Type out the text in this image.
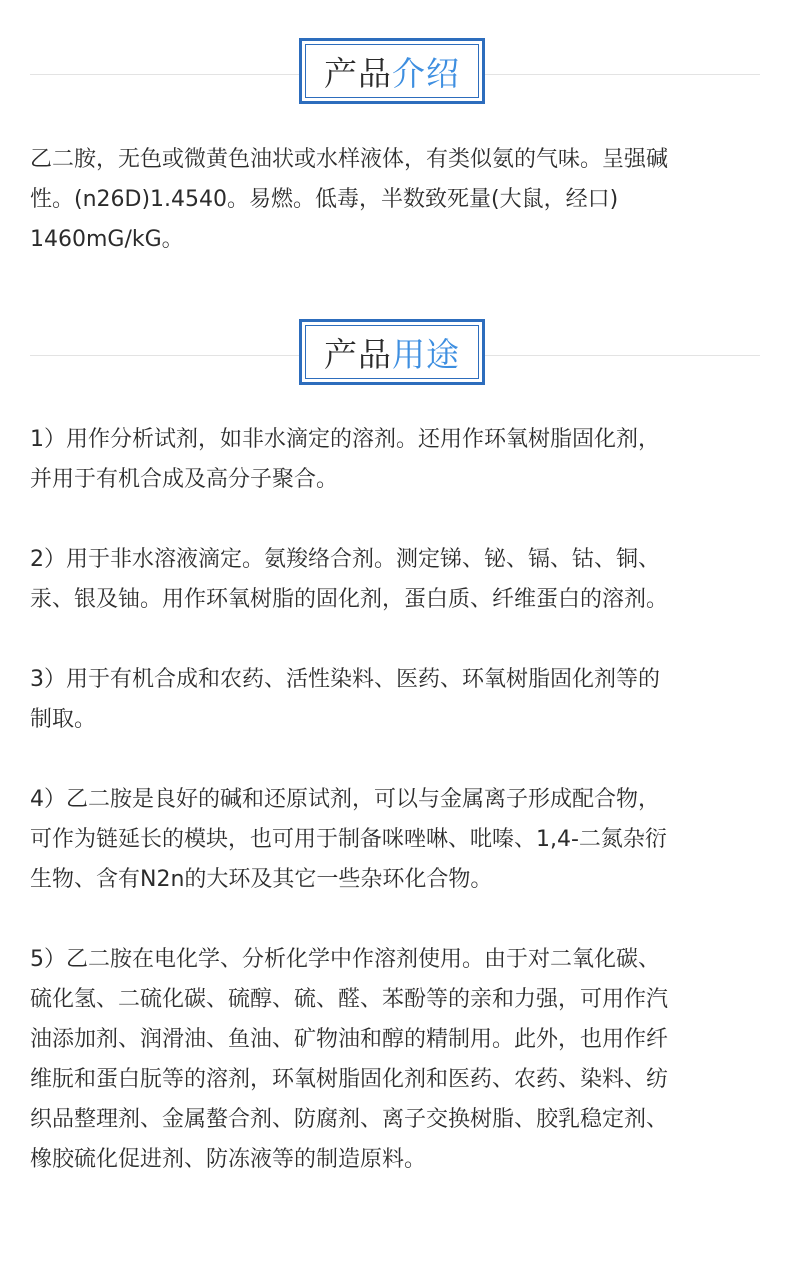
产品 介绍
乙二胺，无色或微黄色油状或水样液体，有类似氨的气味。呈强碱
性。(n26D)1.4540。易燃。低毒，半数致死量(大鼠，经口)
1460mG/kG。
产品 用途
1）用作分析试剂，如非水滴定的溶剂。还用作环氧树脂固化剂，
并用于有机合成及高分子聚合。
2）用于非水溶液滴定。氨羧络合剂。测定锑、铋、镉、钴、铜、
汞、银及铀。用作环氧树脂的固化剂，蛋白质、纤维蛋白的溶剂。
3）用于有机合成和农药、活性染料、医药、环氧树脂固化剂等的
制取。
4）乙二胺是良好的碱和还原试剂，可以与金属离子形成配合物，
可作为链延长的模块，也可用于制备咪唑啉、吡嗪、1,4-二氮杂衍
生物、含有N2n的大环及其它一些杂环化合物。
5）乙二胺在电化学、分析化学中作溶剂使用。由于对二氧化碳、
硫化氢、二硫化碳、硫醇、硫、醛、苯酚等的亲和力强，可用作汽
油添加剂、润滑油、鱼油、矿物油和醇的精制用。此外，也用作纤
维朊和蛋白朊等的溶剂，环氧树脂固化剂和医药、农药、染料、纺
织品整理剂、金属螯合剂、防腐剂、离子交换树脂、胶乳稳定剂、
橡胶硫化促进剂、防冻液等的制造原料。
